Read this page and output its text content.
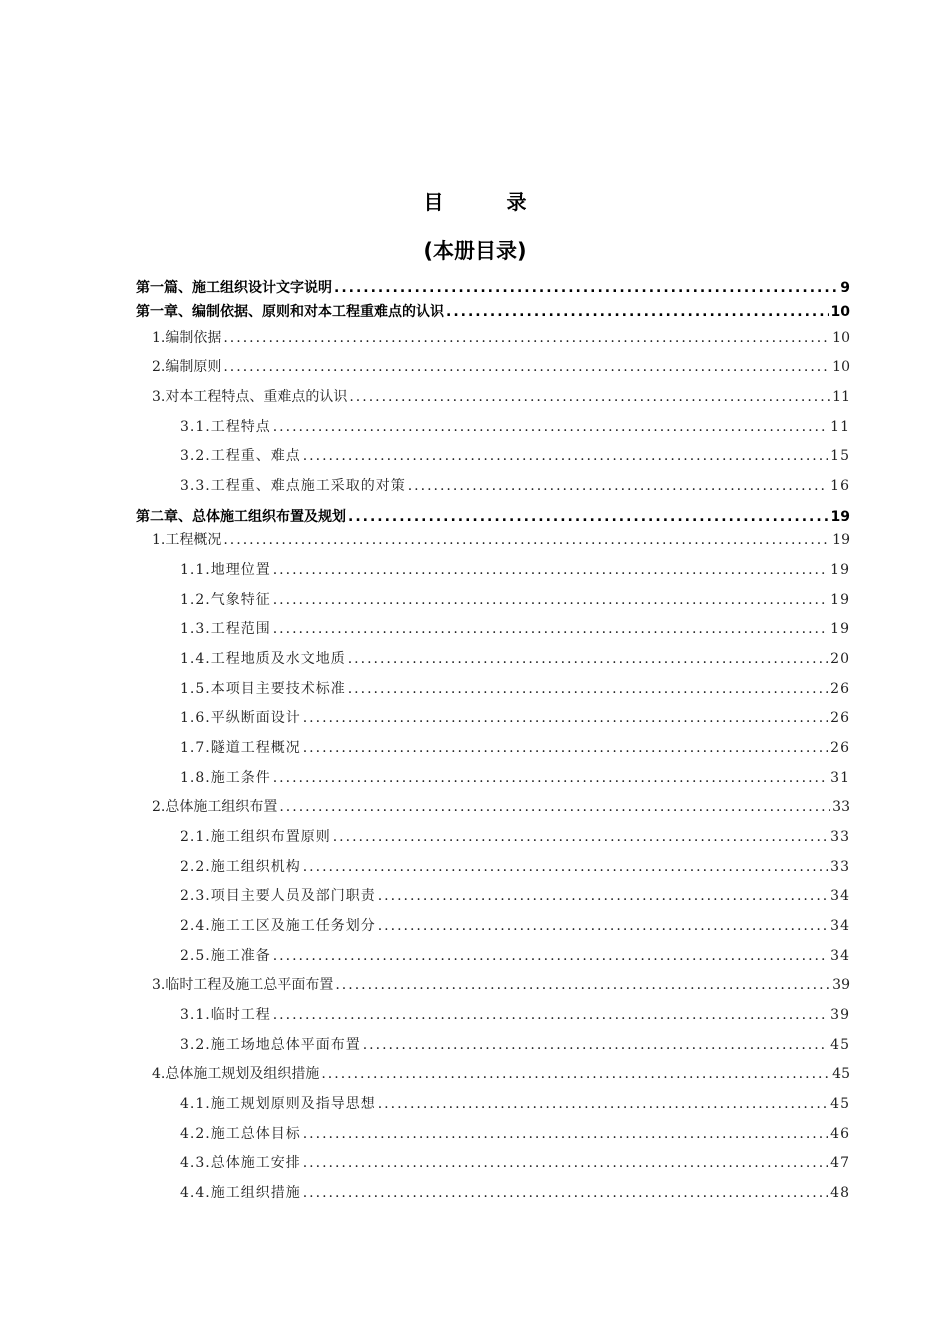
目 录
(本册目录)
第一篇、施工组织设计文字说明 .....	9
第一章、编制依据、原则和对本工程重难点的认识 .....	10
1.编制依据 .....	10
2.编制原则 .....	10
3.对本工程特点、重难点的认识 .....	11
3.1.工程特点 .....	11
3.2.工程重、难点 .....	15
3.3.工程重、难点施工采取的对策 .....	16
第二章、总体施工组织布置及规划 .....	19
1.工程概况 .....	19
1.1.地理位置 .....	19
1.2.气象特征 .....	19
1.3.工程范围 .....	19
1.4.工程地质及水文地质 .....	20
1.5.本项目主要技术标准 .....	26
1.6.平纵断面设计 .....	26
1.7.隧道工程概况 .....	26
1.8.施工条件 .....	31
2.总体施工组织布置 .....	33
2.1.施工组织布置原则 .....	33
2.2.施工组织机构 .....	33
2.3.项目主要人员及部门职责 .....	34
2.4.施工工区及施工任务划分 .....	34
2.5.施工准备 .....	34
3.临时工程及施工总平面布置 .....	39
3.1.临时工程 .....	39
3.2.施工场地总体平面布置 .....	45
4.总体施工规划及组织措施 .....	45
4.1.施工规划原则及指导思想 .....	45
4.2.施工总体目标 .....	46
4.3.总体施工安排 .....	47
4.4.施工组织措施 .....	48
